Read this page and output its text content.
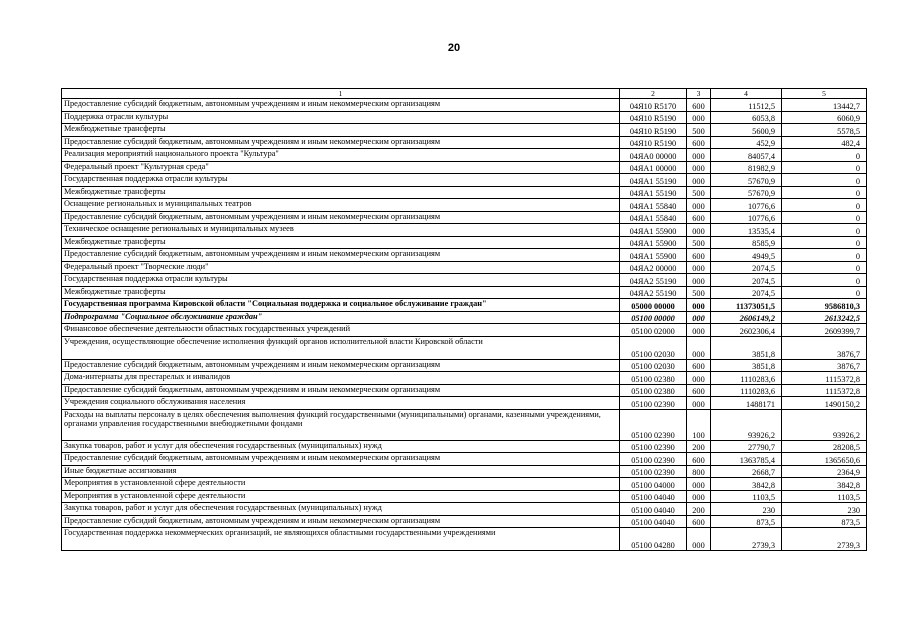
20
1	2	3	4	5
Предоставление субсидий бюджетным, автономным учреждениям и иным некоммерческим организациям	04Я10 R5170	600	11512,5	13442,7
Поддержка отрасли культуры	04Я10 R5190	000	6053,8	6060,9
Межбюджетные трансферты	04Я10 R5190	500	5600,9	5578,5
Предоставление субсидий бюджетным, автономным учреждениям и иным некоммерческим организациям	04Я10 R5190	600	452,9	482,4
Реализация мероприятий национального проекта "Культура"	04ЯА0 00000	000	84057,4	0
Федеральный проект "Культурная среда"	04ЯА1 00000	000	81982,9	0
Государственная поддержка отрасли культуры	04ЯА1 55190	000	57670,9	0
Межбюджетные трансферты	04ЯА1 55190	500	57670,9	0
Оснащение региональных и муниципальных театров	04ЯА1 55840	000	10776,6	0
Предоставление субсидий бюджетным, автономным учреждениям и иным некоммерческим организациям	04ЯА1 55840	600	10776,6	0
Техническое оснащение региональных и муниципальных музеев	04ЯА1 55900	000	13535,4	0
Межбюджетные трансферты	04ЯА1 55900	500	8585,9	0
Предоставление субсидий бюджетным, автономным учреждениям и иным некоммерческим организациям	04ЯА1 55900	600	4949,5	0
Федеральный проект "Творческие люди"	04ЯА2 00000	000	2074,5	0
Государственная поддержка отрасли культуры	04ЯА2 55190	000	2074,5	0
Межбюджетные трансферты	04ЯА2 55190	500	2074,5	0
Государственная программа Кировской области "Социальная поддержка и социальное обслуживание граждан"	05000 00000	000	11373051,5	9586810,3
Подпрограмма "Социальное обслуживание граждан"	05100 00000	000	2606149,2	2613242,5
Финансовое обеспечение деятельности областных государственных учреждений	05100 02000	000	2602306,4	2609399,7
Учреждения, осуществляющие обеспечение исполнения функций органов исполнительной власти Кировской области	05100 02030	000	3851,8	3876,7
Предоставление субсидий бюджетным, автономным учреждениям и иным некоммерческим организациям	05100 02030	600	3851,8	3876,7
Дома-интернаты для престарелых и инвалидов	05100 02380	000	1110283,6	1115372,8
Предоставление субсидий бюджетным, автономным учреждениям и иным некоммерческим организациям	05100 02380	600	1110283,6	1115372,8
Учреждения социального обслуживания населения	05100 02390	000	1488171	1490150,2
Расходы на выплаты персоналу в целях обеспечения выполнения функций государственными (муниципальными) органами, казенными учреждениями, органами управления государственными внебюджетными фондами	05100 02390	100	93926,2	93926,2
Закупка товаров, работ и услуг для обеспечения государственных (муниципальных) нужд	05100 02390	200	27790,7	28208,5
Предоставление субсидий бюджетным, автономным учреждениям и иным некоммерческим организациям	05100 02390	600	1363785,4	1365650,6
Иные бюджетные ассигнования	05100 02390	800	2668,7	2364,9
Мероприятия в установленной сфере деятельности	05100 04000	000	3842,8	3842,8
Мероприятия в установленной сфере деятельности	05100 04040	000	1103,5	1103,5
Закупка товаров, работ и услуг для обеспечения государственных (муниципальных) нужд	05100 04040	200	230	230
Предоставление субсидий бюджетным, автономным учреждениям и иным некоммерческим организациям	05100 04040	600	873,5	873,5
Государственная поддержка некоммерческих организаций, не являющихся областными государственными учреждениями	05100 04280	000	2739,3	2739,3
